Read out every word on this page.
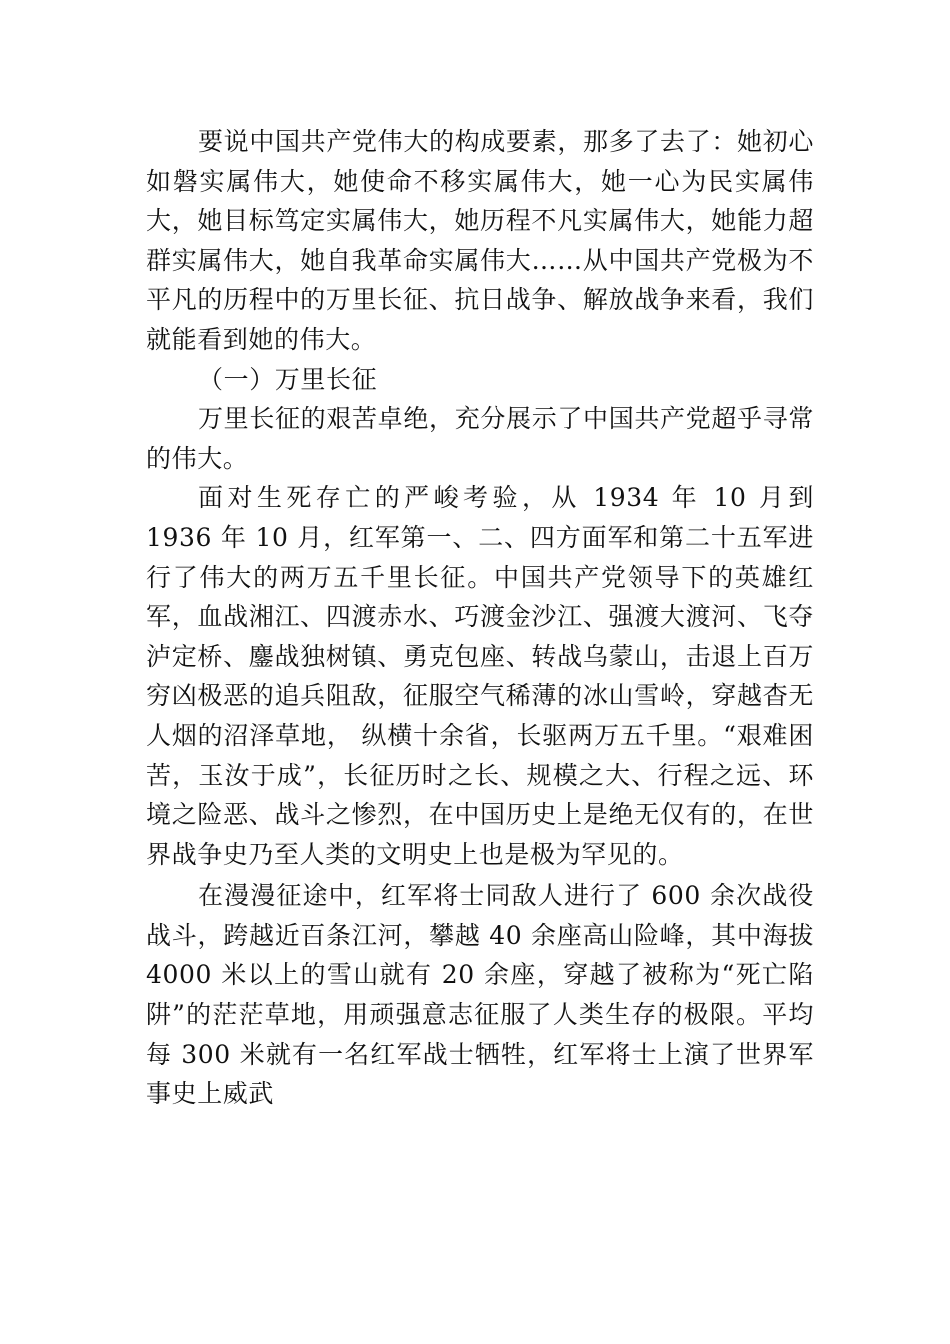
要说中国共产党伟大的构成要素，那多了去了：她初心如磐实属伟大，她使命不移实属伟大，她一心为民实属伟大，她目标笃定实属伟大，她历程不凡实属伟大，她能力超群实属伟大，她自我革命实属伟大……从中国共产党极为不平凡的历程中的万里长征、抗日战争、解放战争来看，我们就能看到她的伟大。

（一）万里长征

万里长征的艰苦卓绝，充分展示了中国共产党超乎寻常的伟大。

面对生死存亡的严峻考验，从 1934 年 10 月到 1936 年 10 月，红军第一、二、四方面军和第二十五军进行了伟大的两万五千里长征。中国共产党领导下的英雄红军，血战湘江、四渡赤水、巧渡金沙江、强渡大渡河、飞夺泸定桥、鏖战独树镇、勇克包座、转战乌蒙山，击退上百万穷凶极恶的追兵阻敌，征服空气稀薄的冰山雪岭，穿越杳无人烟的沼泽草地， 纵横十余省，长驱两万五千里。“艰难困苦，玉汝于成”，长征历时之长、规模之大、行程之远、环境之险恶、战斗之惨烈，在中国历史上是绝无仅有的，在世界战争史乃至人类的文明史上也是极为罕见的。

在漫漫征途中，红军将士同敌人进行了 600 余次战役战斗，跨越近百条江河，攀越 40 余座高山险峰，其中海拔 4000 米以上的雪山就有 20 余座，穿越了被称为“死亡陷阱”的茫茫草地，用顽强意志征服了人类生存的极限。平均每 300 米就有一名红军战士牺牲，红军将士上演了世界军事史上威武
